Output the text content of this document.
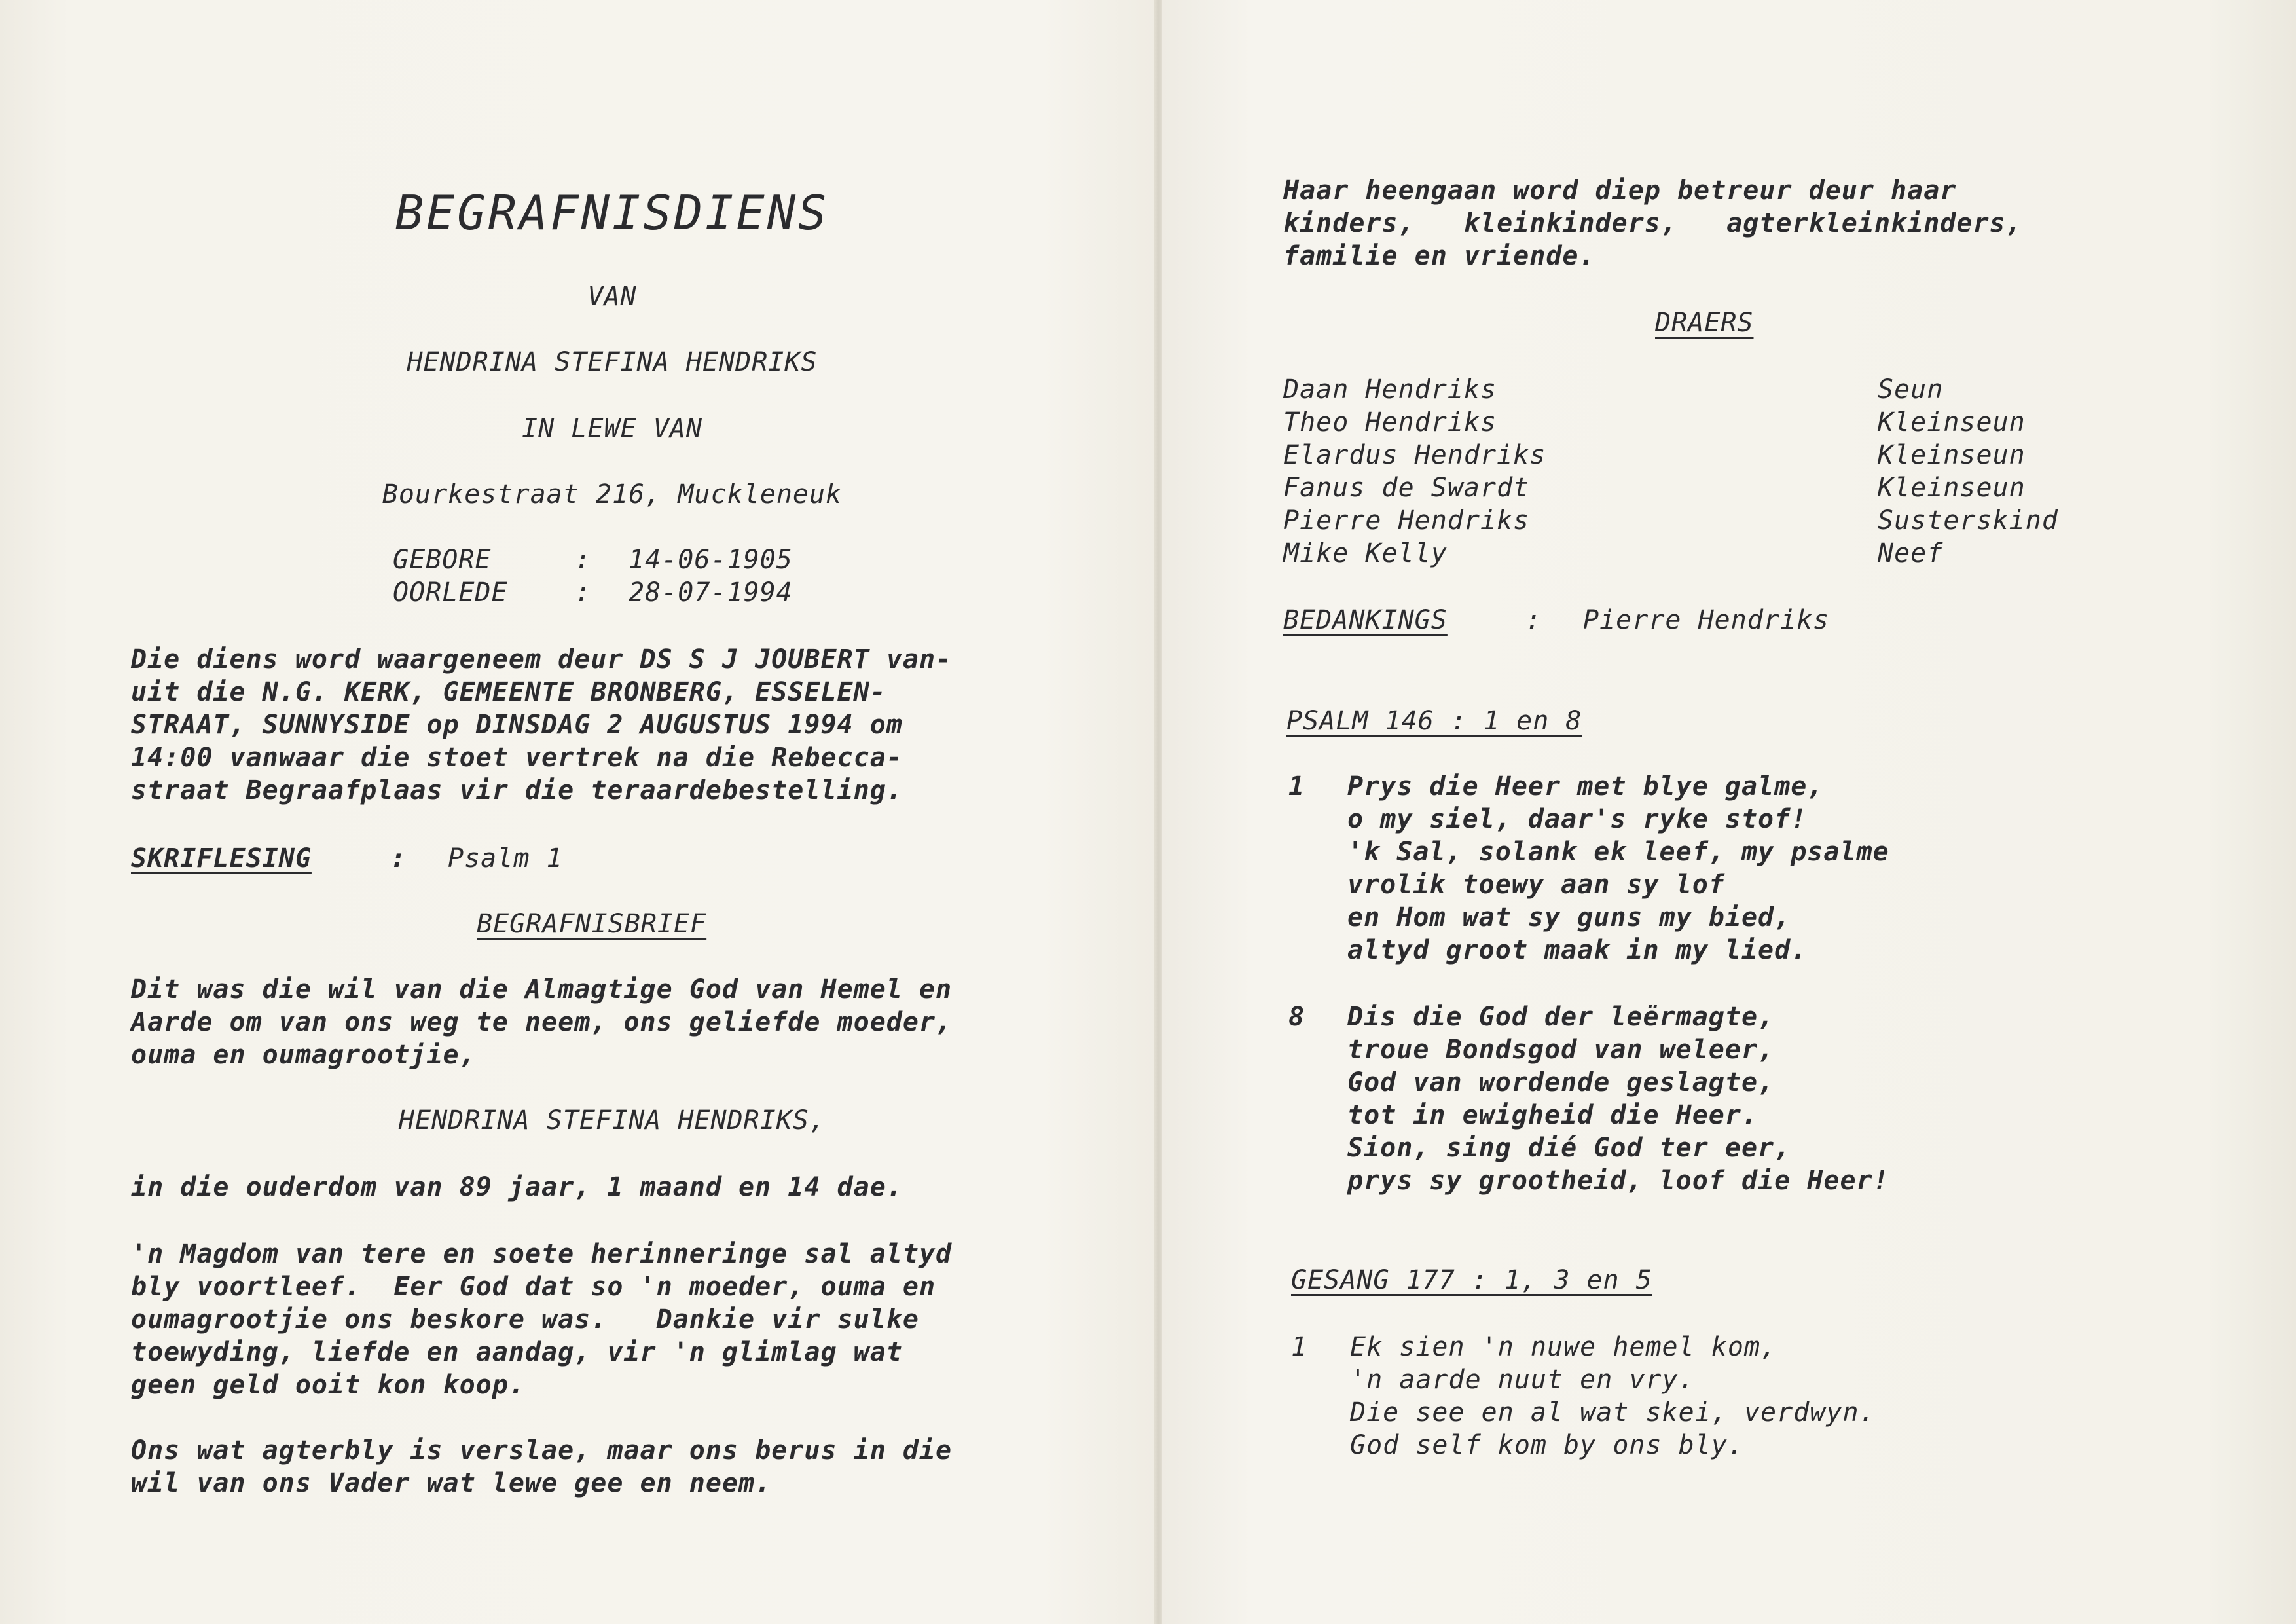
BEGRAFNISDIENS

VAN

HENDRINA STEFINA HENDRIKS

IN LEWE VAN

Bourkestraat 216, Muckleneuk

GEBORE	: 14-06-1905

OORLEDE	: 28-07-1994

Die diens word waargeneem deur DS S J JOUBERT van-

uit die N.G. KERK, GEMEENTE BRONBERG, ESSELEN-

STRAAT, SUNNYSIDE op DINSDAG 2 AUGUSTUS 1994 om

14:00 vanwaar die stoet vertrek na die Rebecca-

straat Begraafplaas vir die teraardebestelling.

SKRIFLESING	: Psalm 1

BEGRAFNISBRIEF

Dit was die wil van die Almagtige God van Hemel en

Aarde om van ons weg te neem, ons geliefde moeder,

ouma en oumagrootjie,

HENDRINA STEFINA HENDRIKS,

in die ouderdom van 89 jaar, 1 maand en 14 dae.

'n Magdom van tere en soete herinneringe sal altyd

bly voortleef.  Eer God dat so 'n moeder, ouma en

oumagrootjie ons beskore was.   Dankie vir sulke

toewyding, liefde en aandag, vir 'n glimlag wat

geen geld ooit kon koop.

Ons wat agterbly is verslae, maar ons berus in die

wil van ons Vader wat lewe gee en neem.

Haar heengaan word diep betreur deur haar

kinders,   kleinkinders,   agterkleinkinders,

familie en vriende.

DRAERS

Daan Hendriks	Seun

Theo Hendriks	Kleinseun

Elardus Hendriks	Kleinseun

Fanus de Swardt	Kleinseun

Pierre Hendriks	Susterskind

Mike Kelly	Neef

BEDANKINGS	: Pierre Hendriks

PSALM 146 : 1 en 8

1 Prys die Heer met blye galme,

o my siel, daar's ryke stof!

'k Sal, solank ek leef, my psalme

vrolik toewy aan sy lof

en Hom wat sy guns my bied,

altyd groot maak in my lied.

8 Dis die God der leërmagte,

troue Bondsgod van weleer,

God van wordende geslagte,

tot in ewigheid die Heer.

Sion, sing dié God ter eer,

prys sy grootheid, loof die Heer!

GESANG 177 : 1, 3 en 5

1 Ek sien 'n nuwe hemel kom,

'n aarde nuut en vry.

Die see en al wat skei, verdwyn.

God self kom by ons bly.
